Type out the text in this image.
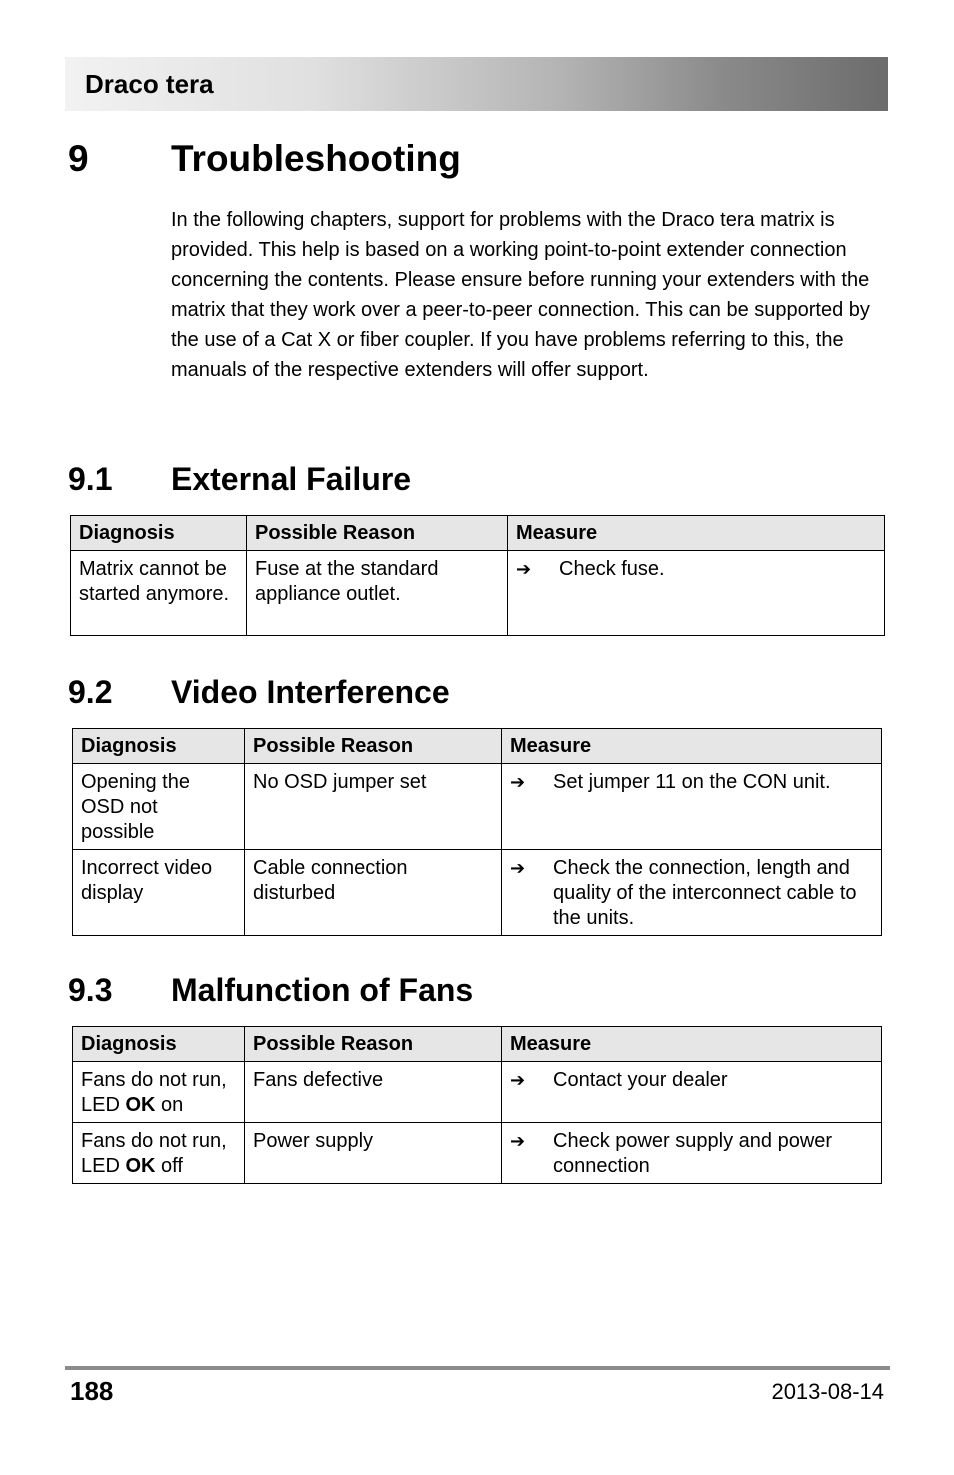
Draco tera
9 Troubleshooting
In the following chapters, support for problems with the Draco tera matrix is provided. This help is based on a working point-to-point extender connection concerning the contents. Please ensure before running your extenders with the matrix that they work over a peer-to-peer connection. This can be supported by the use of a Cat X or fiber coupler. If you have problems referring to this, the manuals of the respective extenders will offer support.
9.1 External Failure
Diagnosis	Possible Reason	Measure
Matrix cannot be started anymore.	Fuse at the standard appliance outlet.	➔ Check fuse.
9.2 Video Interference
Diagnosis	Possible Reason	Measure
Opening the OSD not possible	No OSD jumper set	➔ Set jumper 11 on the CON unit.
Incorrect video display	Cable connection disturbed	➔ Check the connection, length and quality of the interconnect cable to the units.
9.3 Malfunction of Fans
Diagnosis	Possible Reason	Measure
Fans do not run, LED OK on	Fans defective	➔ Contact your dealer
Fans do not run, LED OK off	Power supply	➔ Check power supply and power connection
188	2013-08-14
